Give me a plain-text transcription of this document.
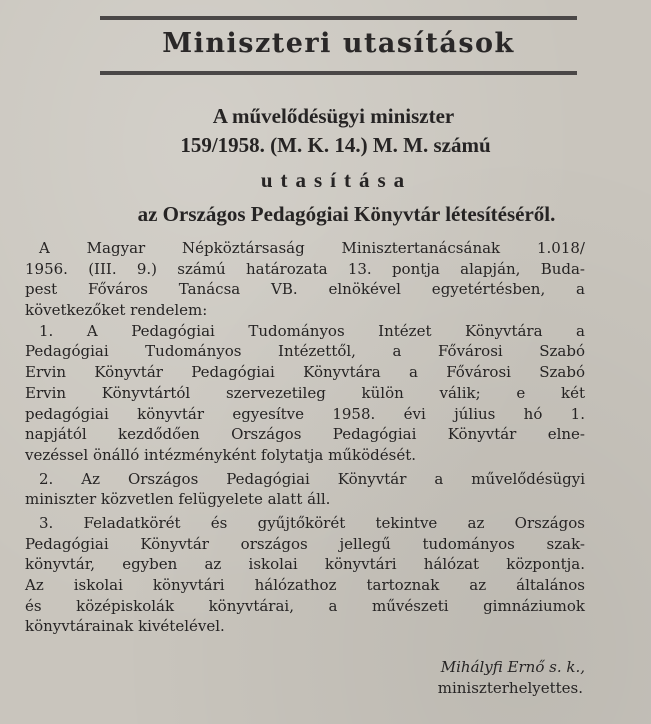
Miniszteri utasítások
A művelődésügyi miniszter
159/1958. (M. K. 14.) M. M. számú
utasítása
az Országos Pedagógiai Könyvtár létesítéséről.
A Magyar Népköztársaság Minisztertanácsának 1.018/
1956. (III. 9.) számú határozata 13. pontja alapján, Buda-
pest Főváros Tanácsa VB. elnökével egyetértésben, a
következőket rendelem:
1. A Pedagógiai Tudományos Intézet Könyvtára a
Pedagógiai Tudományos Intézettől, a Fővárosi Szabó
Ervin Könyvtár Pedagógiai Könyvtára a Fővárosi Szabó
Ervin Könyvtártól szervezetileg külön válik; e két
pedagógiai könyvtár egyesítve 1958. évi július hó 1.
napjától kezdődően Országos Pedagógiai Könyvtár elne-
vezéssel önálló intézményként folytatja működését.
2. Az Országos Pedagógiai Könyvtár a művelődésügyi
miniszter közvetlen felügyelete alatt áll.
3. Feladatkörét és gyűjtőkörét tekintve az Országos
Pedagógiai Könyvtár országos jellegű tudományos szak-
könyvtár, egyben az iskolai könyvtári hálózat központja.
Az iskolai könyvtári hálózathoz tartoznak az általános
és középiskolák könyvtárai, a művészeti gimnáziumok
könyvtárainak kivételével.
Mihályfi Ernő s. k.,
miniszterhelyettes.
